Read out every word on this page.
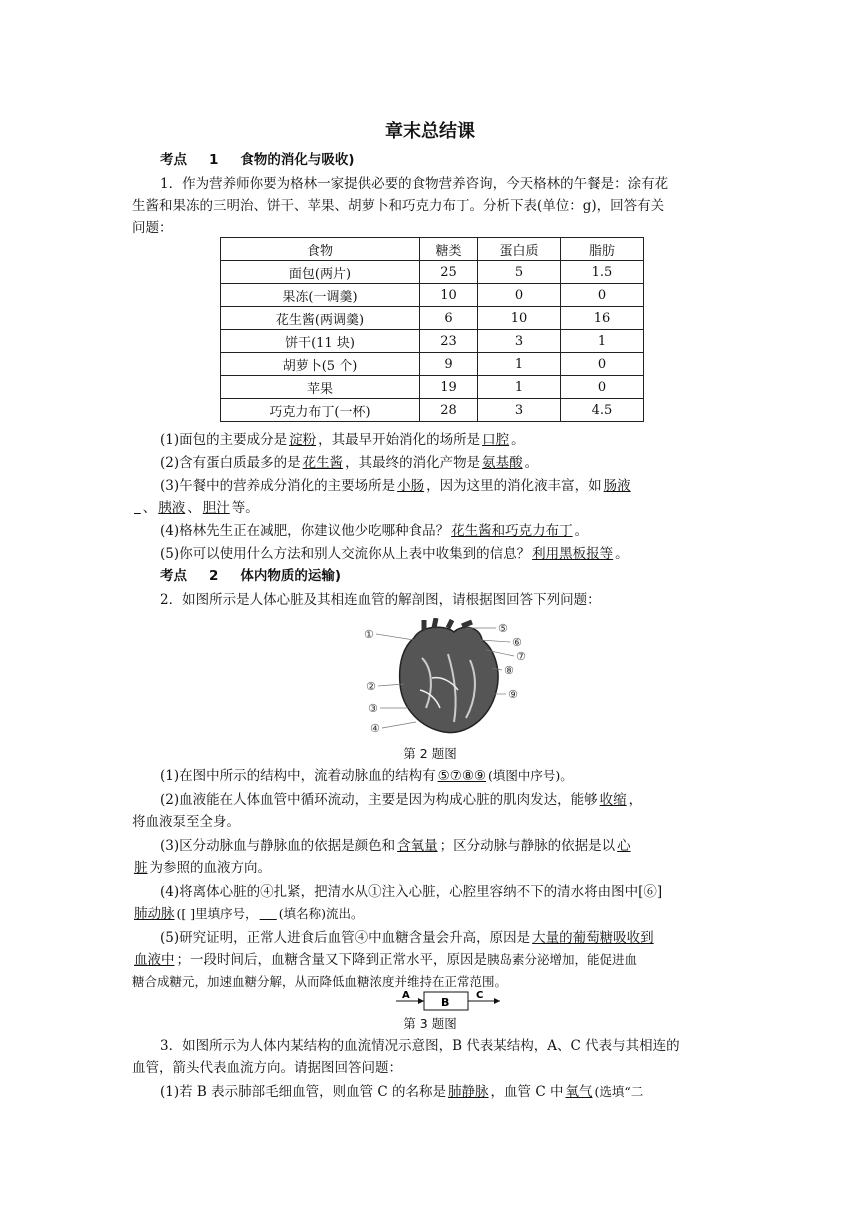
章末总结课
考点 1 食物的消化与吸收)
1．作为营养师你要为格林一家提供必要的食物营养咨询，今天格林的午餐是：涂有花
生酱和果冻的三明治、饼干、苹果、胡萝卜和巧克力布丁。分析下表(单位：g)，回答有关
问题：
食物	糖类	蛋白质	脂肪
面包(两片)	25	5	1.5
果冻(一调羹)	10	0	0
花生酱(两调羹)	6	10	16
饼干(11 块)	23	3	1
胡萝卜(5 个)	9	1	0
苹果	19	1	0
巧克力布丁(一杯)	28	3	4.5
(1)面包的主要成分是 淀粉 ，其最早开始消化的场所是 口腔 。
(2)含有蛋白质最多的是 花生酱 ，其最终的消化产物是 氨基酸 。
(3)午餐中的营养成分消化的主要场所是 小肠 ，因为这里的消化液丰富，如 肠液
 、 胰液 、 胆汁 等。
(4)格林先生正在减肥，你建议他少吃哪种食品？ 花生酱和巧克力布丁 。
(5)你可以使用什么方法和别人交流你从上表中收集到的信息？ 利用黑板报等 。
考点 2 体内物质的运输)
2．如图所示是人体心脏及其相连血管的解剖图，请根据图回答下列问题：
①
②
③
④
⑤
⑥
⑦
⑧
⑨
第 2 题图
(1)在图中所示的结构中，流着动脉血的结构有 ⑤⑦⑧⑨ (填图中序号)。
(2)血液能在人体血管中循环流动，主要是因为构成心脏的肌肉发达，能够 收缩 ，
将血液泵至全身。
(3)区分动脉血与静脉血的依据是颜色和 含氧量 ；区分动脉与静脉的依据是以 心
脏 为参照的血液方向。
(4)将离体心脏的④扎紧，把清水从①注入心脏，心腔里容纳不下的清水将由图中[⑥]
肺动脉 ([ ]里填序号， (填名称)流出。
(5)研究证明，正常人进食后血管④中血糖含量会升高，原因是 大量的葡萄糖吸收到
血液中 ；一段时间后，血糖含量又下降到正常水平，原因是胰岛素分泌增加，能促进血
糖合成糖元，加速血糖分解，从而降低血糖浓度并维持在正常范围。
A
B
C
第 3 题图
3．如图所示为人体内某结构的血流情况示意图，B 代表某结构，A、C 代表与其相连的
血管，箭头代表血流方向。请据图回答问题：
(1)若 B 表示肺部毛细血管，则血管 C 的名称是 肺静脉 ，血管 C 中 氧气 (选填“二
